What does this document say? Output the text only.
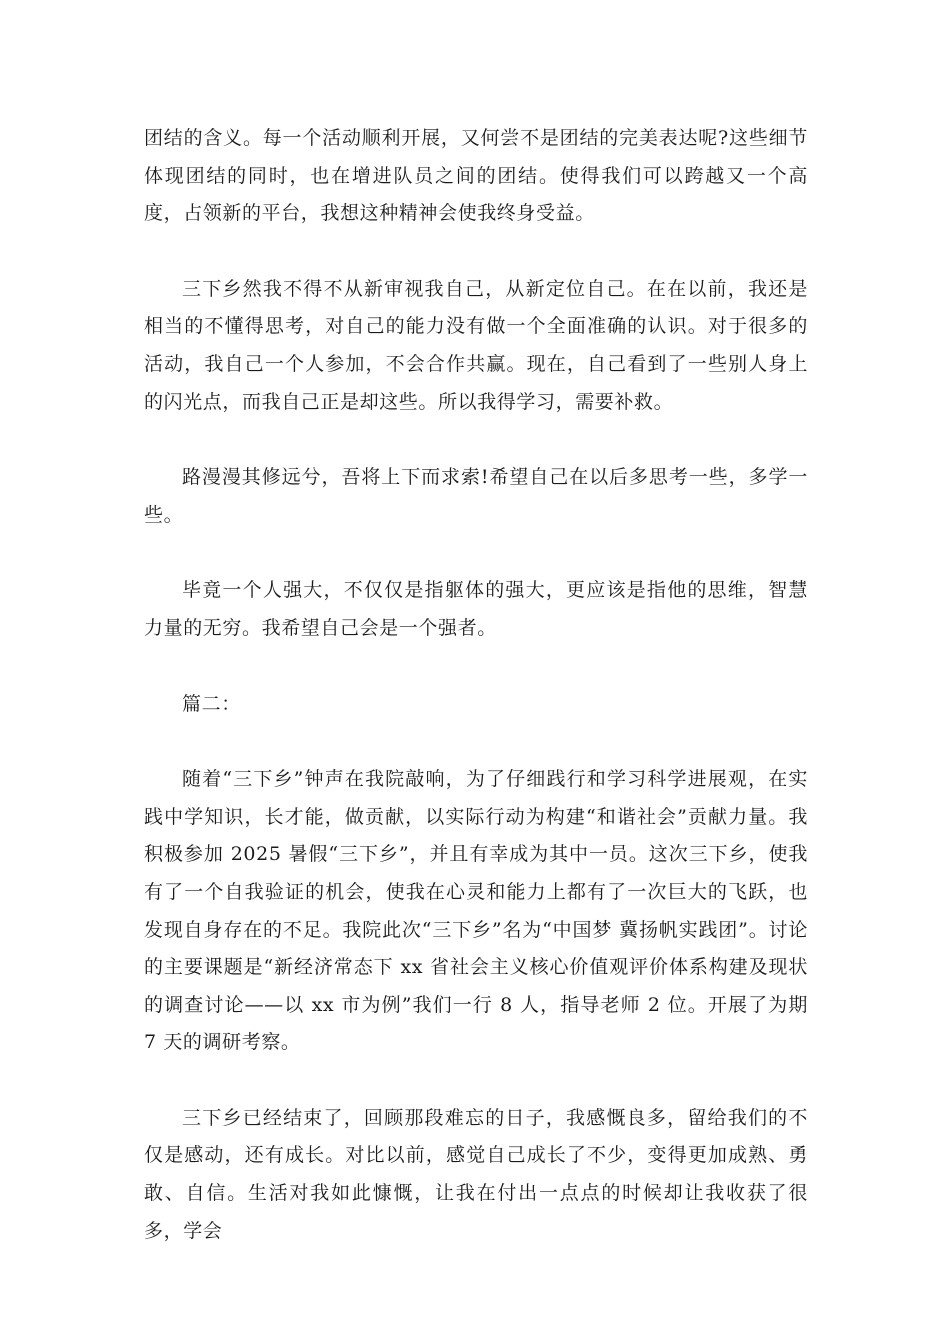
团结的含义。每一个活动顺利开展，又何尝不是团结的完美表达呢?这些细节体现团结的同时，也在增进队员之间的团结。使得我们可以跨越又一个高度，占领新的平台，我想这种精神会使我终身受益。

三下乡然我不得不从新审视我自己，从新定位自己。在在以前，我还是相当的不懂得思考，对自己的能力没有做一个全面准确的认识。对于很多的活动，我自己一个人参加，不会合作共赢。现在，自己看到了一些别人身上的闪光点，而我自己正是却这些。所以我得学习，需要补救。

路漫漫其修远兮，吾将上下而求索!希望自己在以后多思考一些，多学一些。

毕竟一个人强大，不仅仅是指躯体的强大，更应该是指他的思维，智慧力量的无穷。我希望自己会是一个强者。

篇二：

随着“三下乡”钟声在我院敲响，为了仔细践行和学习科学进展观，在实践中学知识，长才能，做贡献，以实际行动为构建“和谐社会”贡献力量。我积极参加 2025 暑假“三下乡”，并且有幸成为其中一员。这次三下乡，使我有了一个自我验证的机会，使我在心灵和能力上都有了一次巨大的飞跃，也发现自身存在的不足。我院此次“三下乡”名为“中国梦 冀扬帆实践团”。讨论的主要课题是“新经济常态下 xx 省社会主义核心价值观评价体系构建及现状的调查讨论——以 xx 市为例”我们一行 8 人，指导老师 2 位。开展了为期 7 天的调研考察。

三下乡已经结束了，回顾那段难忘的日子，我感慨良多，留给我们的不仅是感动，还有成长。对比以前，感觉自己成长了不少，变得更加成熟、勇敢、自信。生活对我如此慷慨，让我在付出一点点的时候却让我收获了很多，学会
